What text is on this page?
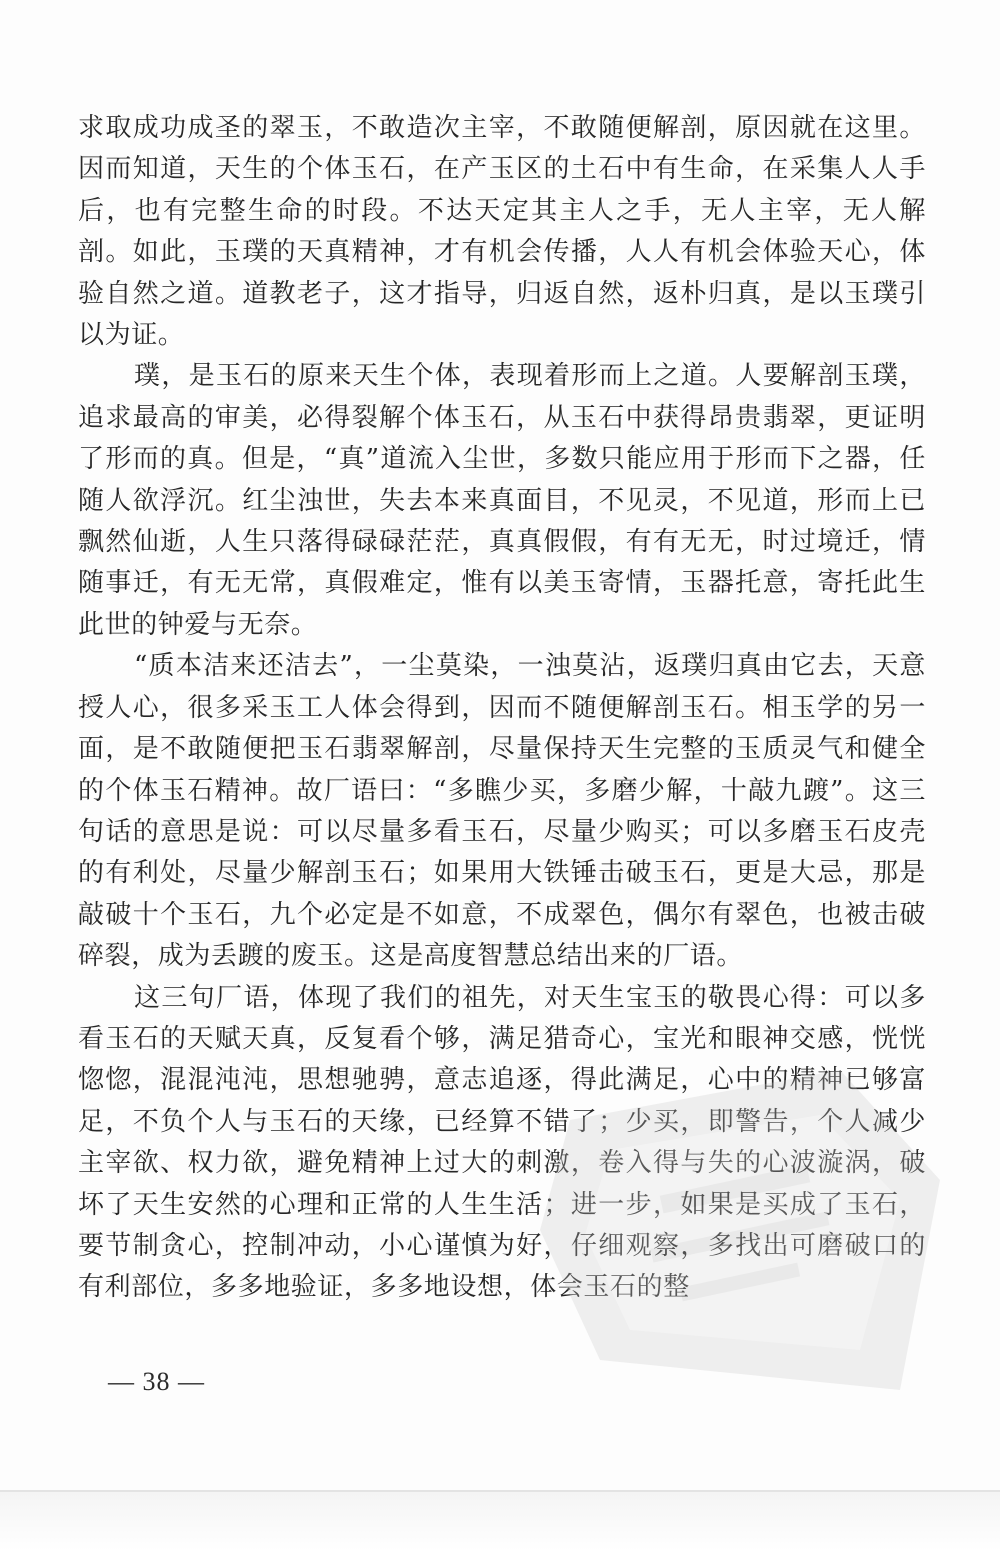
求取成功成圣的翠玉，不敢造次主宰，不敢随便解剖，原因就在这里。因而知道，天生的个体玉石，在产玉区的土石中有生命，在采集人人手后，也有完整生命的时段。不达天定其主人之手，无人主宰，无人解剖。如此，玉璞的天真精神，才有机会传播，人人有机会体验天心，体验自然之道。道教老子，这才指导，归返自然，返朴归真，是以玉璞引以为证。

璞，是玉石的原来天生个体，表现着形而上之道。人要解剖玉璞，追求最高的审美，必得裂解个体玉石，从玉石中获得昂贵翡翠，更证明了形而的真。但是，“真”道流入尘世，多数只能应用于形而下之器，任随人欲浮沉。红尘浊世，失去本来真面目，不见灵，不见道，形而上已飘然仙逝，人生只落得碌碌茫茫，真真假假，有有无无，时过境迁，情随事迁，有无无常，真假难定，惟有以美玉寄情，玉器托意，寄托此生此世的钟爱与无奈。

“质本洁来还洁去”，一尘莫染，一浊莫沾，返璞归真由它去，天意授人心，很多采玉工人体会得到，因而不随便解剖玉石。相玉学的另一面，是不敢随便把玉石翡翠解剖，尽量保持天生完整的玉质灵气和健全的个体玉石精神。故厂语曰：“多瞧少买，多磨少解，十敲九踱”。这三句话的意思是说：可以尽量多看玉石，尽量少购买；可以多磨玉石皮壳的有利处，尽量少解剖玉石；如果用大铁锤击破玉石，更是大忌，那是敲破十个玉石，九个必定是不如意，不成翠色，偶尔有翠色，也被击破碎裂，成为丢踱的废玉。这是高度智慧总结出来的厂语。

这三句厂语，体现了我们的祖先，对天生宝玉的敬畏心得：可以多看玉石的天赋天真，反复看个够，满足猎奇心，宝光和眼神交感，恍恍惚惚，混混沌沌，思想驰骋，意志追逐，得此满足，心中的精神已够富足，不负个人与玉石的天缘，已经算不错了；少买，即警告，个人减少主宰欲、权力欲，避免精神上过大的刺激，卷入得与失的心波漩涡，破坏了天生安然的心理和正常的人生生活；进一步，如果是买成了玉石，要节制贪心，控制冲动，小心谨慎为好，仔细观察，多找出可磨破口的有利部位，多多地验证，多多地设想，体会玉石的整

— 38 —
